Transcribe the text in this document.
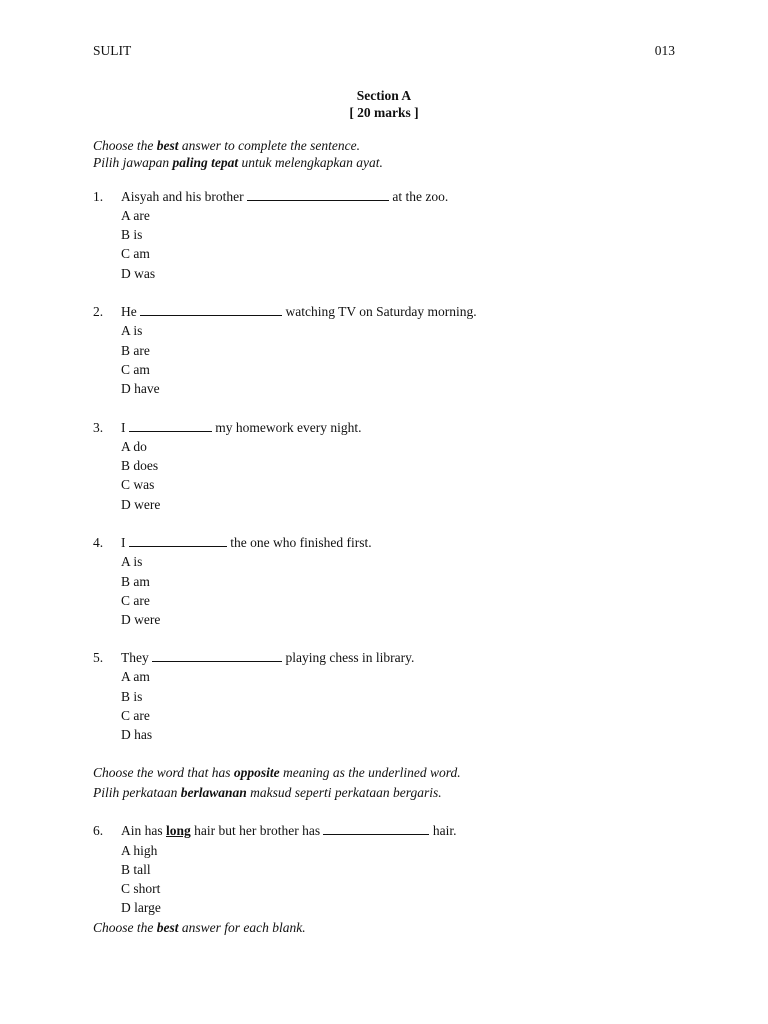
SULIT	013
Section A
[ 20 marks ]
Choose the best answer to complete the sentence.
Pilih jawapan paling tepat untuk melengkapkan ayat.
1. Aisyah and his brother	at the zoo.
A are
B is
C am
D was
2. He	watching TV on Saturday morning.
A is
B are
C am
D have
3. I	my homework every night.
A do
B does
C was
D were
4. I	the one who finished first.
A is
B am
C are
D were
5. They	playing chess in library.
A am
B is
C are
D has
Choose the word that has opposite meaning as the underlined word.
Pilih perkataan berlawanan maksud seperti perkataan bergaris.
6. Ain has long hair but her brother has	hair.
A high
B tall
C short
D large
Choose the best answer for each blank.
